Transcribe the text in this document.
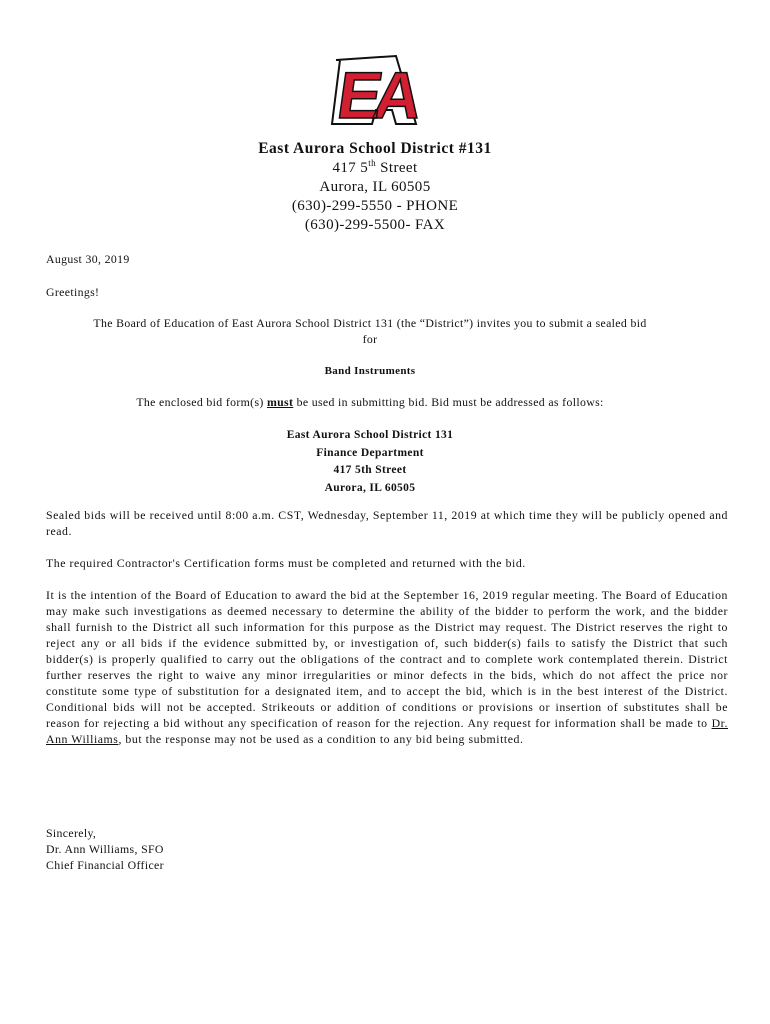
EA
East Aurora School District #131
417 5th Street
Aurora, IL 60505
(630)-299-5550 - PHONE
(630)-299-5500- FAX
August 30, 2019
Greetings!
The Board of Education of East Aurora School District 131 (the “District”) invites you to submit a sealed bid
for
Band Instruments
The enclosed bid form(s) must be used in submitting bid. Bid must be addressed as follows:
East Aurora School District 131
Finance Department
417 5th Street
Aurora, IL 60505
Sealed bids will be received until 8:00 a.m. CST, Wednesday, September 11, 2019 at which time they will be publicly opened and read.
The required Contractor's Certification forms must be completed and returned with the bid.
It is the intention of the Board of Education to award the bid at the September 16, 2019 regular meeting. The Board of Education may make such investigations as deemed necessary to determine the ability of the bidder to perform the work, and the bidder shall furnish to the District all such information for this purpose as the District may request. The District reserves the right to reject any or all bids if the evidence submitted by, or investigation of, such bidder(s) fails to satisfy the District that such bidder(s) is properly qualified to carry out the obligations of the contract and to complete work contemplated therein. District further reserves the right to waive any minor irregularities or minor defects in the bids, which do not affect the price nor constitute some type of substitution for a designated item, and to accept the bid, which is in the best interest of the District. Conditional bids will not be accepted. Strikeouts or addition of conditions or provisions or insertion of substitutes shall be reason for rejecting a bid without any specification of reason for the rejection. Any request for information shall be made to Dr. Ann Williams, but the response may not be used as a condition to any bid being submitted.
Sincerely,
Dr. Ann Williams, SFO
Chief Financial Officer
